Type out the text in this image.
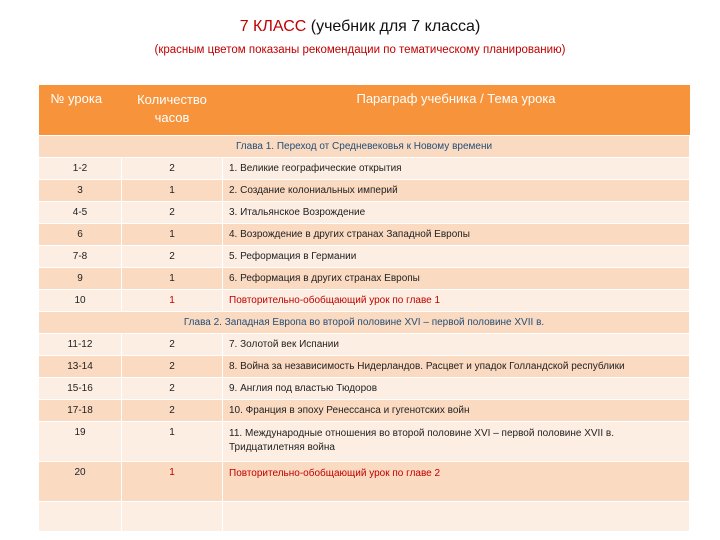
7 КЛАСС (учебник для 7 класса)
(красным цветом показаны рекомендации по тематическому планированию)
№ урока	Количество часов	Параграф учебника / Тема урока
Глава 1. Переход от Средневековья к Новому времени		
1-2	2	1. Великие географические открытия
3	1	2. Создание колониальных империй
4-5	2	3. Итальянское Возрождение
6	1	4. Возрождение в других странах Западной Европы
7-8	2	5. Реформация в Германии
9	1	6. Реформация в других странах Европы
10	1	Повторительно-обобщающий урок по главе 1
Глава 2. Западная Европа во второй половине XVI – первой половине XVII в.		
11-12	2	7. Золотой век Испании
13-14	2	8. Война за независимость Нидерландов. Расцвет и упадок Голландской республики
15-16	2	9. Англия под властью Тюдоров
17-18	2	10. Франция в эпоху Ренессанса и гугенотских войн
19	1	11. Международные отношения во второй половине XVI – первой половине XVII в. Тридцатилетняя война
20	1	Повторительно-обобщающий урок по главе 2
